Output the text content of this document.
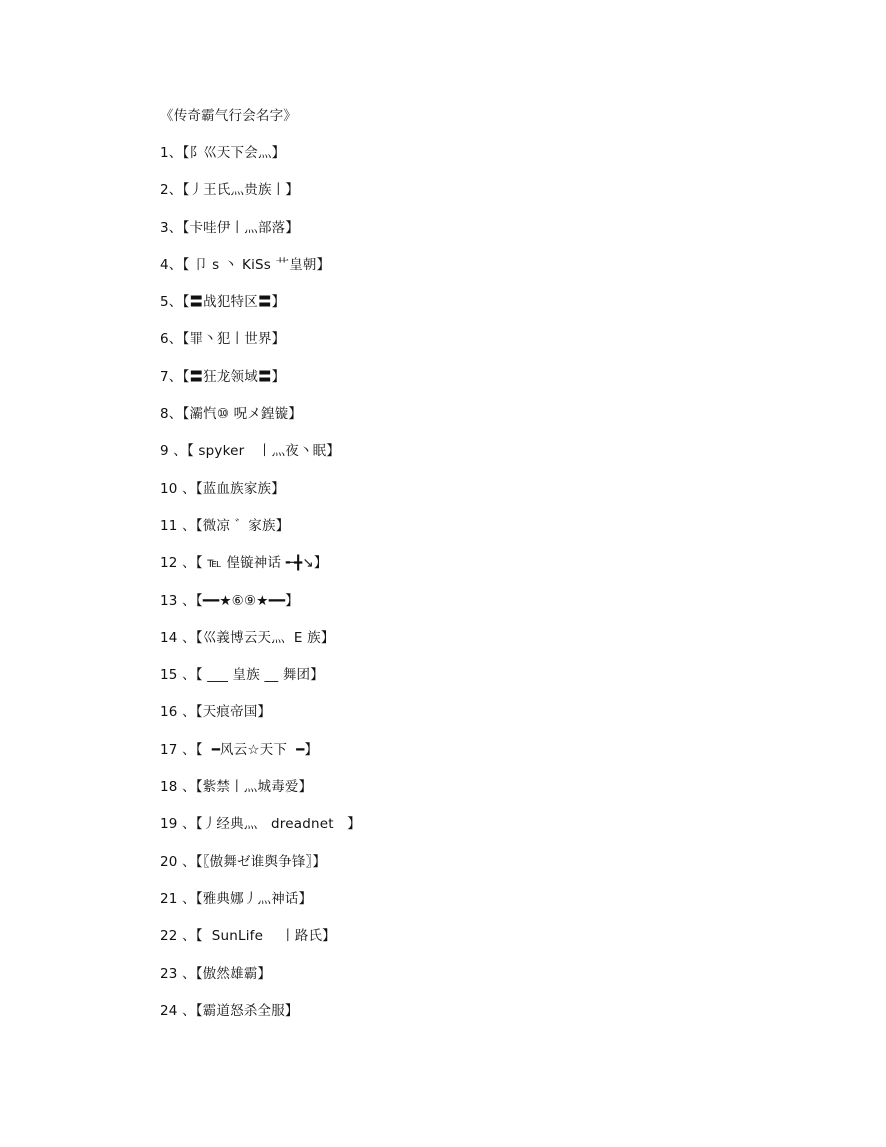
《传奇霸气行会名字》
1、【阝巛天下会灬】
2、【丿王氏灬贵族丨】
3、【卡哇伊丨灬部落】
4、【 卩 s 丶 KiSs 艹皇朝】
5、【〓战犯特区〓】
6、【罪丶犯丨世界】
7、【〓狂龙领域〓】
8、【灞忾⑩ 呪メ鍠镟】
9 、【 spyker   丨灬夜丶眠】
10 、【蓝血族家族】
11 、【微凉 ゛家族】
12 、【 ℡ 偟镟神话 ╾╋↘】
13 、【━━★⑥⑨★━━】
14 、【巛義博云天灬  E 族】
15 、【 ___ 皇族 __ 舞团】
16 、【天痕帝国】
17 、【  ━风云☆天下  ━】
18 、【紫禁丨灬城毒爱】
19 、【丿经典灬   dreadnet   】
20 、【〖傲舞ゼ谁舆争锋〗】
21 、【雅典娜丿灬神话】
22 、【  SunLife    丨路氏】
23 、【傲然雄霸】
24 、【霸道怒杀全服】
